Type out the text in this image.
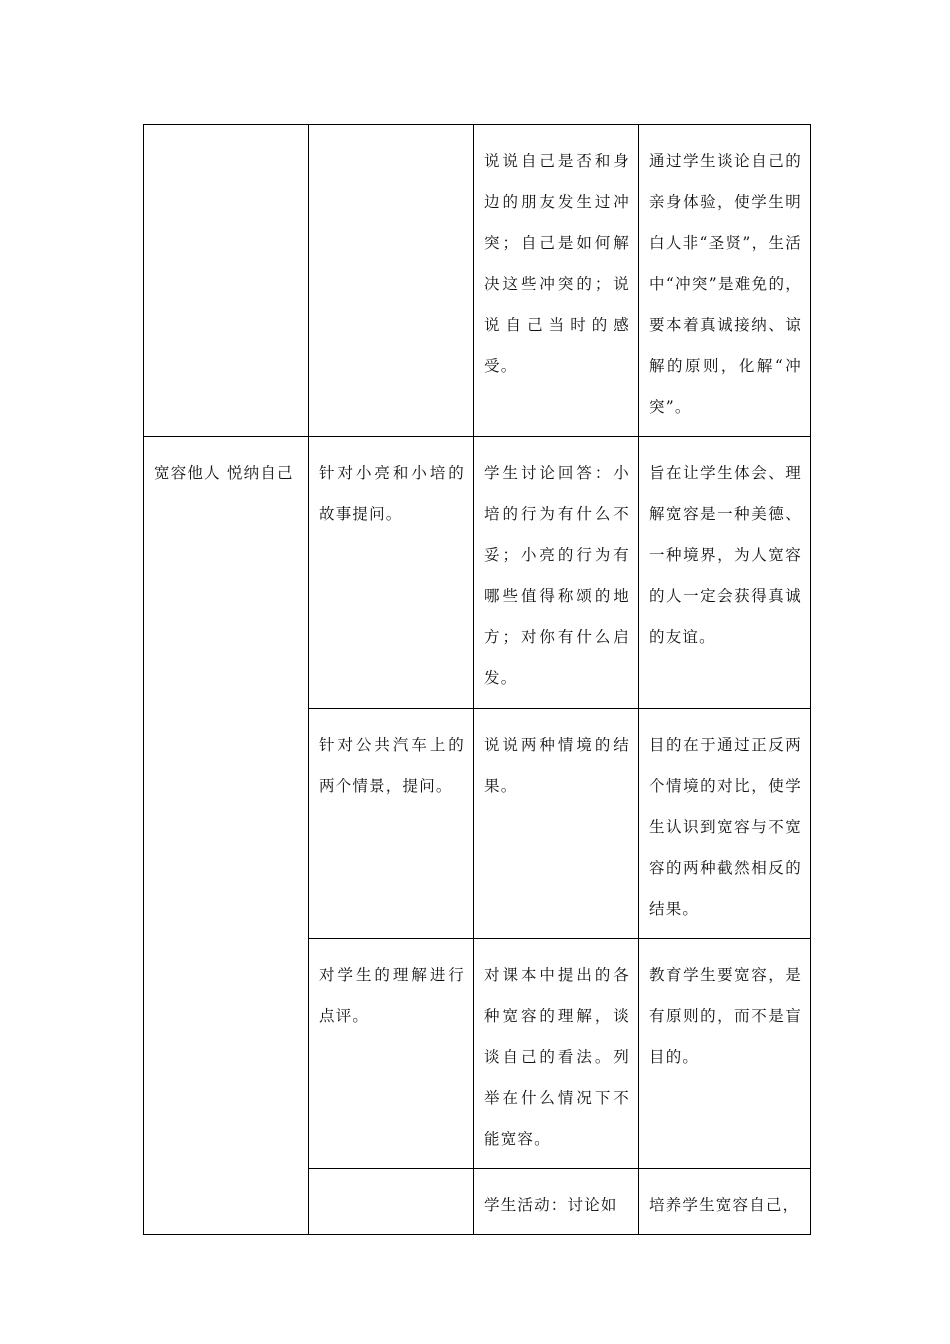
		说说自己是否和身边的朋友发生过冲突；自己是如何解决这些冲突的；说说自己当时的感受。	通过学生谈论自己的亲身体验，使学生明白人非“圣贤”，生活中“冲突”是难免的，要本着真诚接纳、谅解的原则，化解“冲突”。
宽容他人 悦纳自己	针对小亮和小培的故事提问。	学生讨论回答：小培的行为有什么不妥；小亮的行为有哪些值得称颂的地方；对你有什么启发。	旨在让学生体会、理解宽容是一种美德、一种境界，为人宽容的人一定会获得真诚的友谊。
	针对公共汽车上的两个情景，提问。	说说两种情境的结果。	目的在于通过正反两个情境的对比，使学生认识到宽容与不宽容的两种截然相反的结果。
	对学生的理解进行点评。	对课本中提出的各种宽容的理解，谈谈自己的看法。列举在什么情况下不能宽容。	教育学生要宽容，是有原则的，而不是盲目的。
		学生活动：讨论如	培养学生宽容自己，
